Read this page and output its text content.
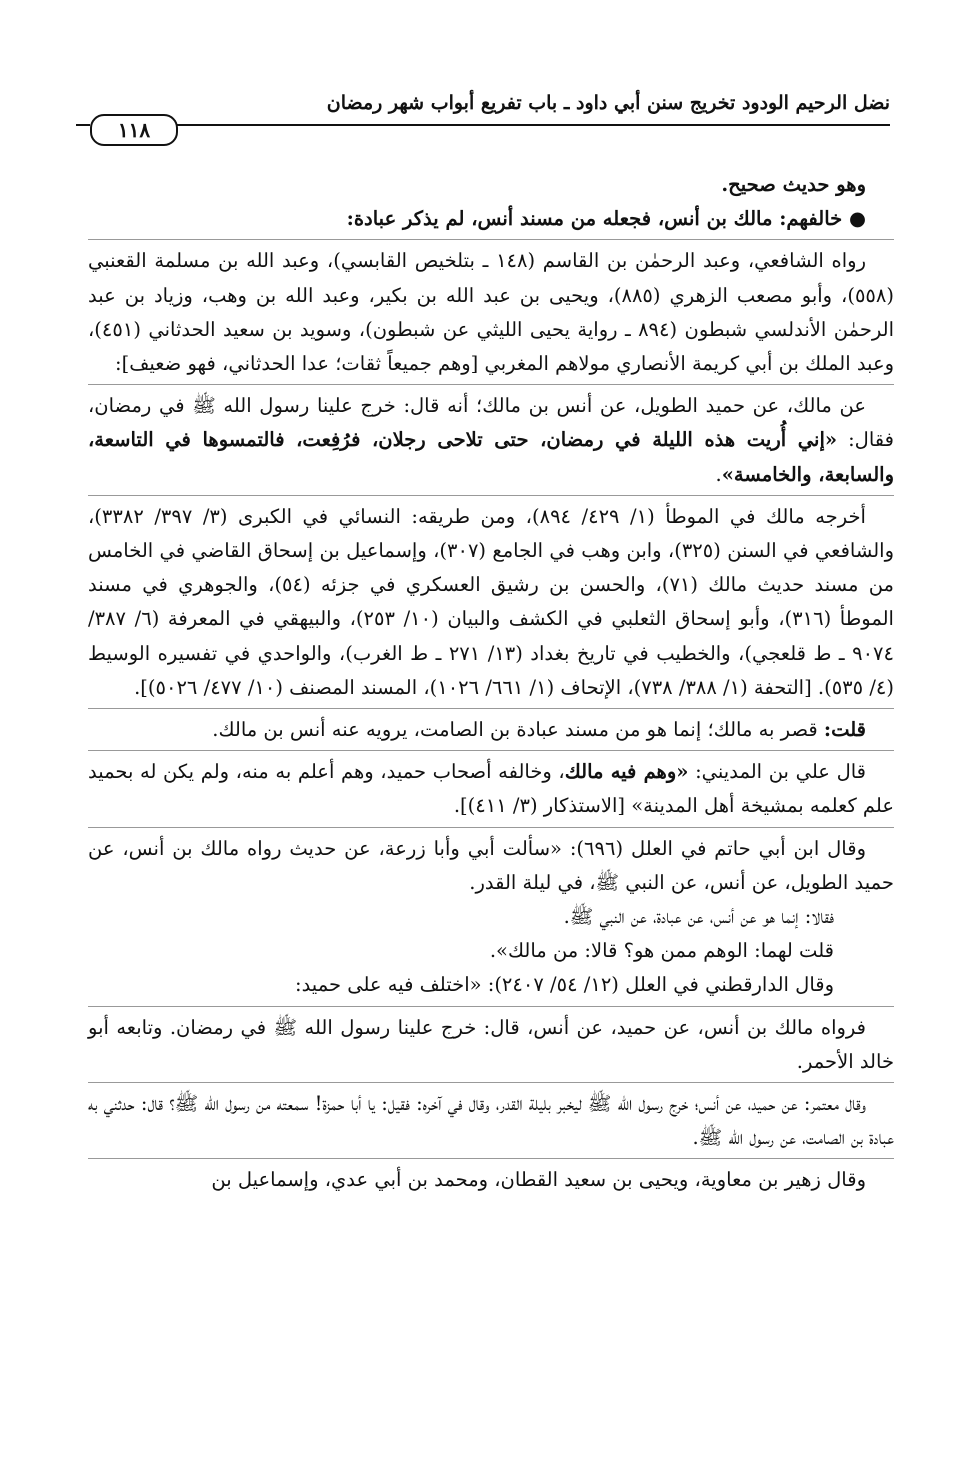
نضل الرحيم الودود تخريج سنن أبي داود ـ باب تفريع أبواب شهر رمضان
١١٨

وهو حديث صحيح.

● خالفهم: مالك بن أنس، فجعله من مسند أنس، لم يذكر عبادة:

رواه الشافعي، وعبد الرحمٰن بن القاسم (١٤٨ ـ بتلخيص القابسي)، وعبد الله بن مسلمة القعنبي (٥٥٨)، وأبو مصعب الزهري (٨٨٥)، ويحيى بن عبد الله بن بكير، وعبد الله بن وهب، وزياد بن عبد الرحمٰن الأندلسي شبطون (٨٩٤ ـ رواية يحيى الليثي عن شبطون)، وسويد بن سعيد الحدثاني (٤٥١)، وعبد الملك بن أبي كريمة الأنصاري مولاهم المغربي [وهم جميعاً ثقات؛ عدا الحدثاني، فهو ضعيف]:

عن مالك، عن حميد الطويل، عن أنس بن مالك؛ أنه قال: خرج علينا رسول الله ﷺ في رمضان، فقال: «إني أُريت هذه الليلة في رمضان، حتى تلاحى رجلان، فرُفِعت، فالتمسوها في التاسعة، والسابعة، والخامسة».

أخرجه مالك في الموطأ (١/ ٤٢٩/ ٨٩٤)، ومن طريقه: النسائي في الكبرى (٣/ ٣٩٧/ ٣٣٨٢)، والشافعي في السنن (٣٢٥)، وابن وهب في الجامع (٣٠٧)، وإسماعيل بن إسحاق القاضي في الخامس من مسند حديث مالك (٧١)، والحسن بن رشيق العسكري في جزئه (٥٤)، والجوهري في مسند الموطأ (٣١٦)، وأبو إسحاق الثعلبي في الكشف والبيان (١٠/ ٢٥٣)، والبيهقي في المعرفة (٦/ ٣٨٧/ ٩٠٧٤ ـ ط قلعجي)، والخطيب في تاريخ بغداد (١٣/ ٢٧١ ـ ط الغرب)، والواحدي في تفسيره الوسيط (٤/ ٥٣٥). [التحفة (١/ ٣٨٨/ ٧٣٨)، الإتحاف (١/ ٦٦١/ ١٠٢٦)، المسند المصنف (١٠/ ٤٧٧/ ٥٠٢٦)].

قلت: قصر به مالك؛ إنما هو من مسند عبادة بن الصامت، يرويه عنه أنس بن مالك.

قال علي بن المديني: «وهم فيه مالك، وخالفه أصحاب حميد، وهم أعلم به منه، ولم يكن له بحميد علم كعلمه بمشيخة أهل المدينة» [الاستذكار (٣/ ٤١١)].

وقال ابن أبي حاتم في العلل (٦٩٦): «سألت أبي وأبا زرعة، عن حديث رواه مالك بن أنس، عن حميد الطويل، عن أنس، عن النبي ﷺ، في ليلة القدر.

فقالا: إنما هو عن أنس، عن عبادة، عن النبي ﷺ.

قلت لهما: الوهم ممن هو؟ قالا: من مالك».

وقال الدارقطني في العلل (١٢/ ٥٤/ ٢٤٠٧): «اختلف فيه على حميد:

فرواه مالك بن أنس، عن حميد، عن أنس، قال: خرج علينا رسول الله ﷺ في رمضان. وتابعه أبو خالد الأحمر.

وقال معتمر: عن حميد، عن أنس؛ خرج رسول الله ﷺ ليخبر بليلة القدر، وقال في آخره: فقيل: يا أبا حمزة! سمعته من رسول الله ﷺ؟ قال: حدثني به عبادة بن الصامت، عن رسول الله ﷺ.

وقال زهير بن معاوية، ويحيى بن سعيد القطان، ومحمد بن أبي عدي، وإسماعيل بن
